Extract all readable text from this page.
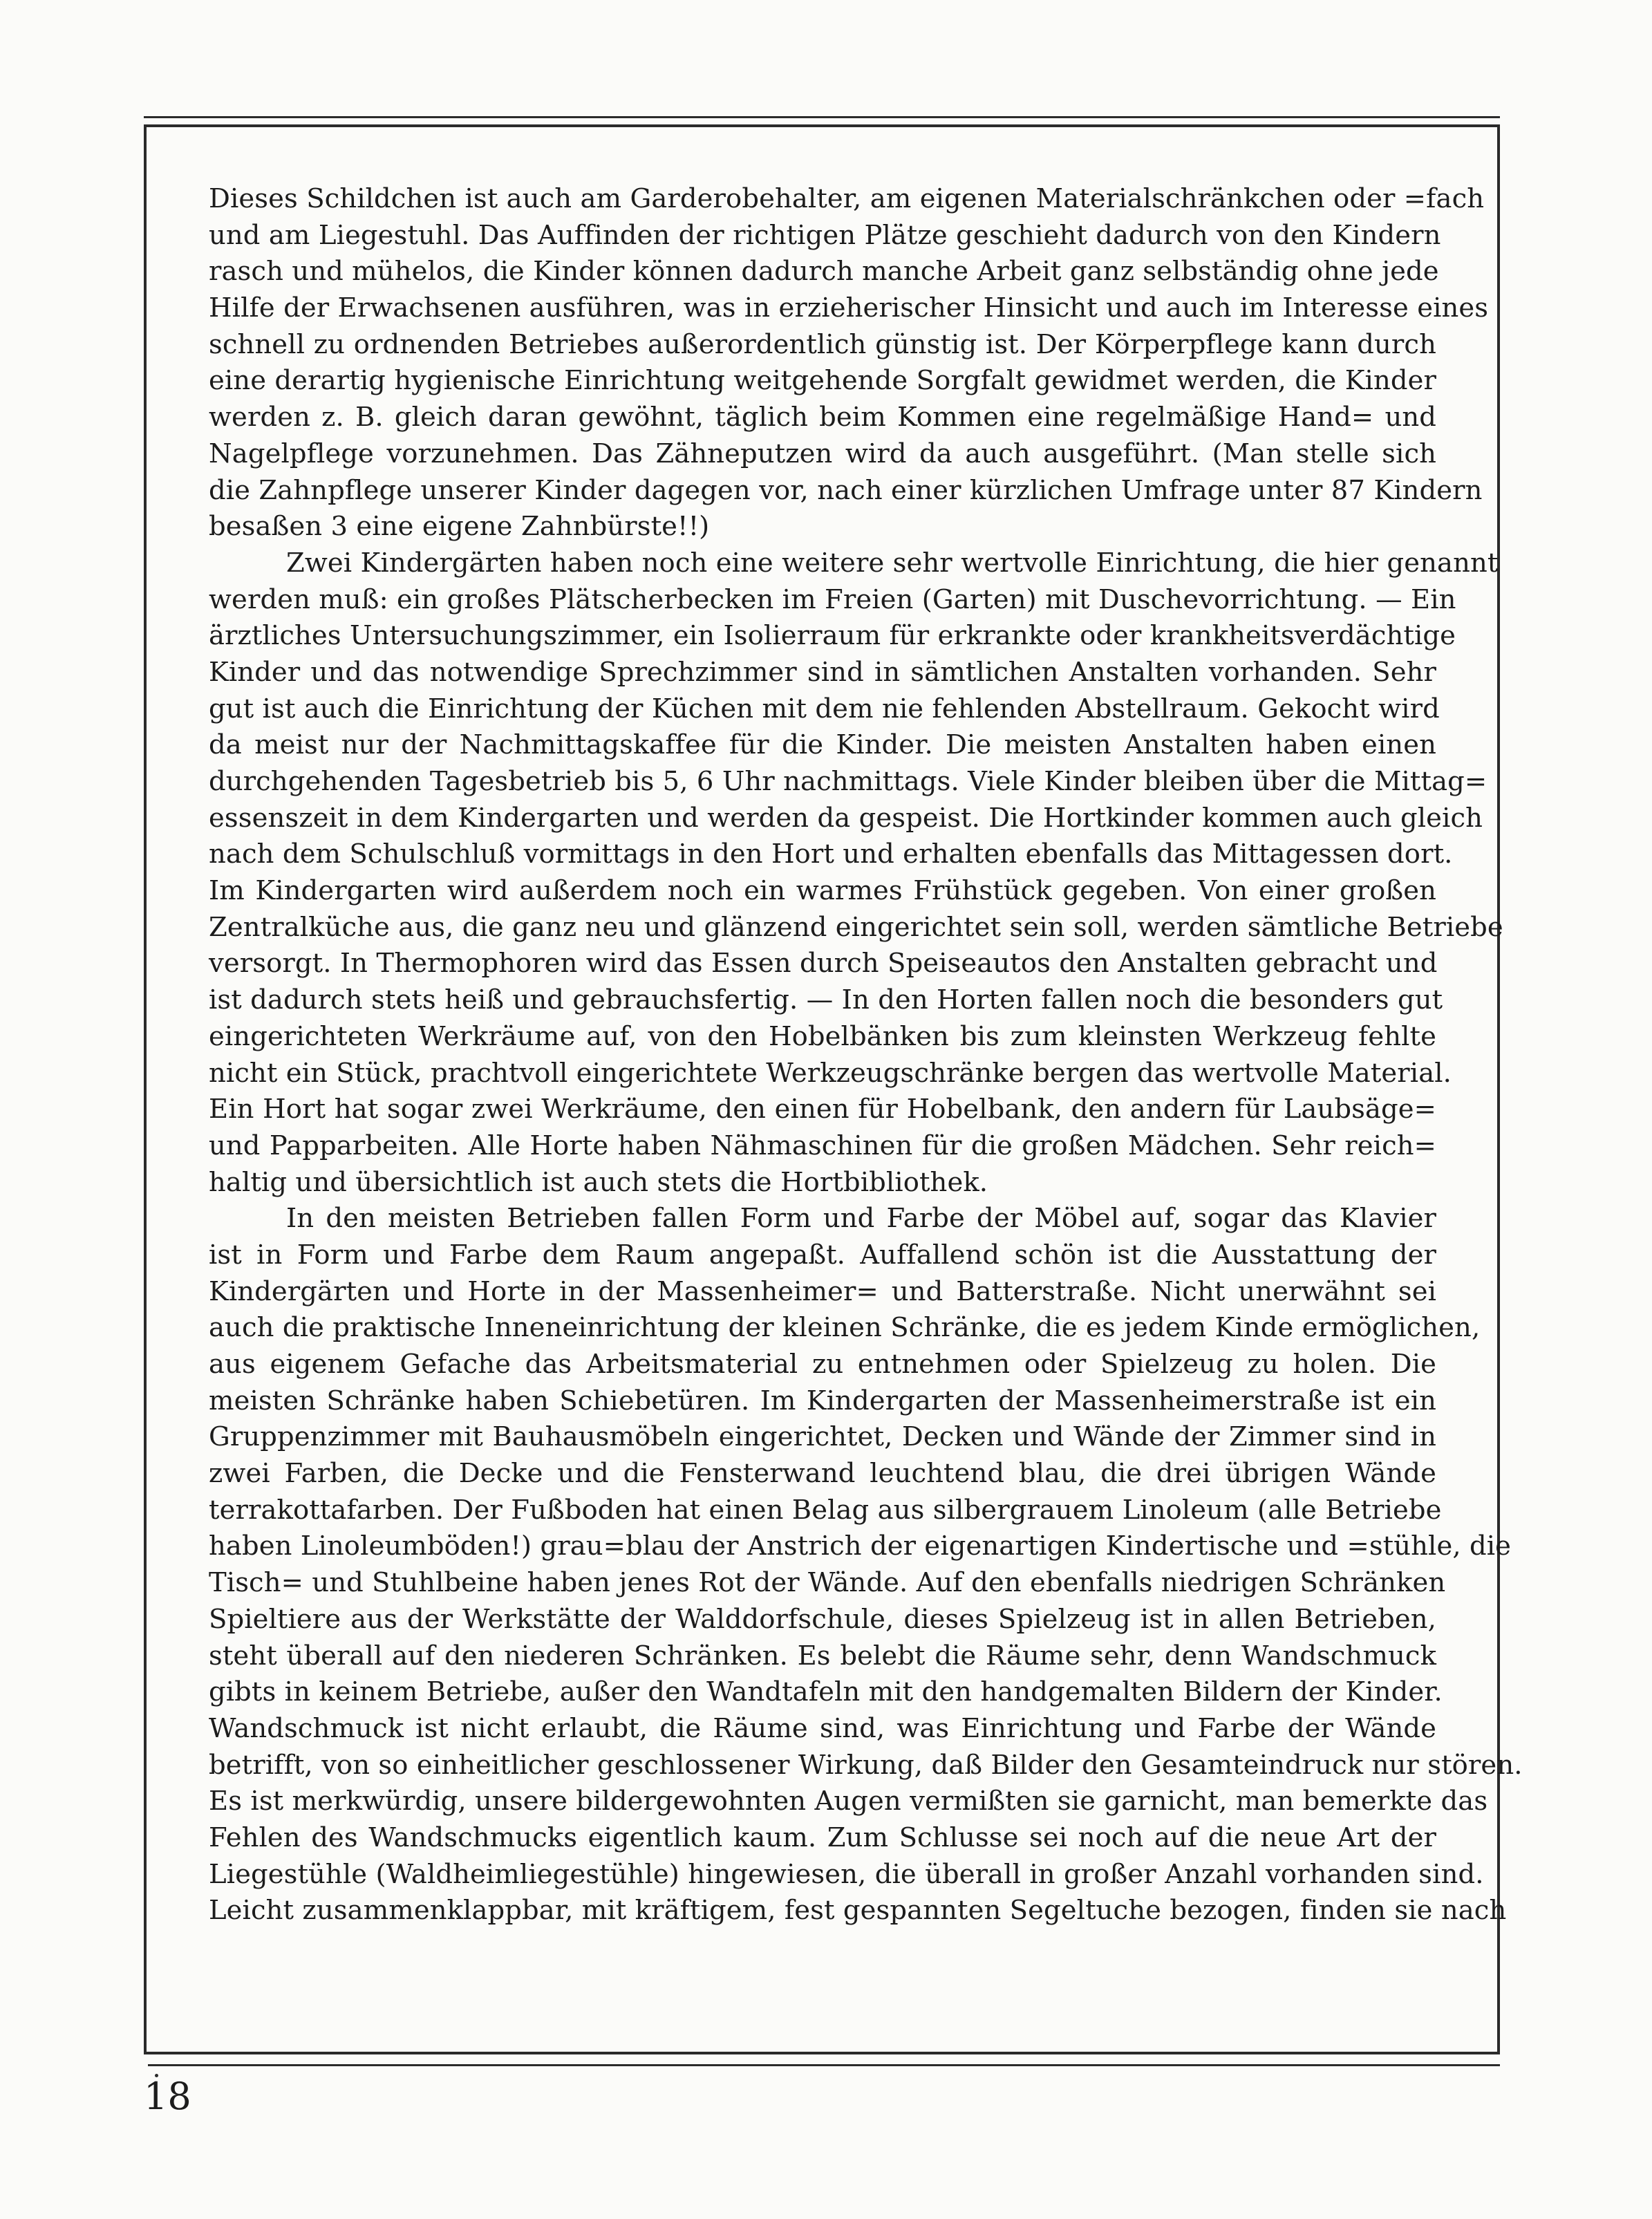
Dieses Schildchen ist auch am Garderobehalter, am eigenen Materialschränkchen oder =fach
und am Liegestuhl. Das Auffinden der richtigen Plätze geschieht dadurch von den Kindern
rasch und mühelos, die Kinder können dadurch manche Arbeit ganz selbständig ohne jede
Hilfe der Erwachsenen ausführen, was in erzieherischer Hinsicht und auch im Interesse eines
schnell zu ordnenden Betriebes außerordentlich günstig ist. Der Körperpflege kann durch
eine derartig hygienische Einrichtung weitgehende Sorgfalt gewidmet werden, die Kinder
werden z. B. gleich daran gewöhnt, täglich beim Kommen eine regelmäßige Hand= und
Nagelpflege vorzunehmen. Das Zähneputzen wird da auch ausgeführt. (Man stelle sich
die Zahnpflege unserer Kinder dagegen vor, nach einer kürzlichen Umfrage unter 87 Kindern
besaßen 3 eine eigene Zahnbürste!!)
Zwei Kindergärten haben noch eine weitere sehr wertvolle Einrichtung, die hier genannt
werden muß: ein großes Plätscherbecken im Freien (Garten) mit Duschevorrichtung. — Ein
ärztliches Untersuchungszimmer, ein Isolierraum für erkrankte oder krankheitsverdächtige
Kinder und das notwendige Sprechzimmer sind in sämtlichen Anstalten vorhanden. Sehr
gut ist auch die Einrichtung der Küchen mit dem nie fehlenden Abstellraum. Gekocht wird
da meist nur der Nachmittagskaffee für die Kinder. Die meisten Anstalten haben einen
durchgehenden Tagesbetrieb bis 5, 6 Uhr nachmittags. Viele Kinder bleiben über die Mittag=
essenszeit in dem Kindergarten und werden da gespeist. Die Hortkinder kommen auch gleich
nach dem Schulschluß vormittags in den Hort und erhalten ebenfalls das Mittagessen dort.
Im Kindergarten wird außerdem noch ein warmes Frühstück gegeben. Von einer großen
Zentralküche aus, die ganz neu und glänzend eingerichtet sein soll, werden sämtliche Betriebe
versorgt. In Thermophoren wird das Essen durch Speiseautos den Anstalten gebracht und
ist dadurch stets heiß und gebrauchsfertig. — In den Horten fallen noch die besonders gut
eingerichteten Werkräume auf, von den Hobelbänken bis zum kleinsten Werkzeug fehlte
nicht ein Stück, prachtvoll eingerichtete Werkzeugschränke bergen das wertvolle Material.
Ein Hort hat sogar zwei Werkräume, den einen für Hobelbank, den andern für Laubsäge=
und Papparbeiten. Alle Horte haben Nähmaschinen für die großen Mädchen. Sehr reich=
haltig und übersichtlich ist auch stets die Hortbibliothek.
In den meisten Betrieben fallen Form und Farbe der Möbel auf, sogar das Klavier
ist in Form und Farbe dem Raum angepaßt. Auffallend schön ist die Ausstattung der
Kindergärten und Horte in der Massenheimer= und Batterstraße. Nicht unerwähnt sei
auch die praktische Inneneinrichtung der kleinen Schränke, die es jedem Kinde ermöglichen,
aus eigenem Gefache das Arbeitsmaterial zu entnehmen oder Spielzeug zu holen. Die
meisten Schränke haben Schiebetüren. Im Kindergarten der Massenheimerstraße ist ein
Gruppenzimmer mit Bauhausmöbeln eingerichtet, Decken und Wände der Zimmer sind in
zwei Farben, die Decke und die Fensterwand leuchtend blau, die drei übrigen Wände
terrakottafarben. Der Fußboden hat einen Belag aus silbergrauem Linoleum (alle Betriebe
haben Linoleumböden!) grau=blau der Anstrich der eigenartigen Kindertische und =stühle, die
Tisch= und Stuhlbeine haben jenes Rot der Wände. Auf den ebenfalls niedrigen Schränken
Spieltiere aus der Werkstätte der Walddorfschule, dieses Spielzeug ist in allen Betrieben,
steht überall auf den niederen Schränken. Es belebt die Räume sehr, denn Wandschmuck
gibts in keinem Betriebe, außer den Wandtafeln mit den handgemalten Bildern der Kinder.
Wandschmuck ist nicht erlaubt, die Räume sind, was Einrichtung und Farbe der Wände
betrifft, von so einheitlicher geschlossener Wirkung, daß Bilder den Gesamteindruck nur stören.
Es ist merkwürdig, unsere bildergewohnten Augen vermißten sie garnicht, man bemerkte das
Fehlen des Wandschmucks eigentlich kaum. Zum Schlusse sei noch auf die neue Art der
Liegestühle (Waldheimliegestühle) hingewiesen, die überall in großer Anzahl vorhanden sind.
Leicht zusammenklappbar, mit kräftigem, fest gespannten Segeltuche bezogen, finden sie nach
18
